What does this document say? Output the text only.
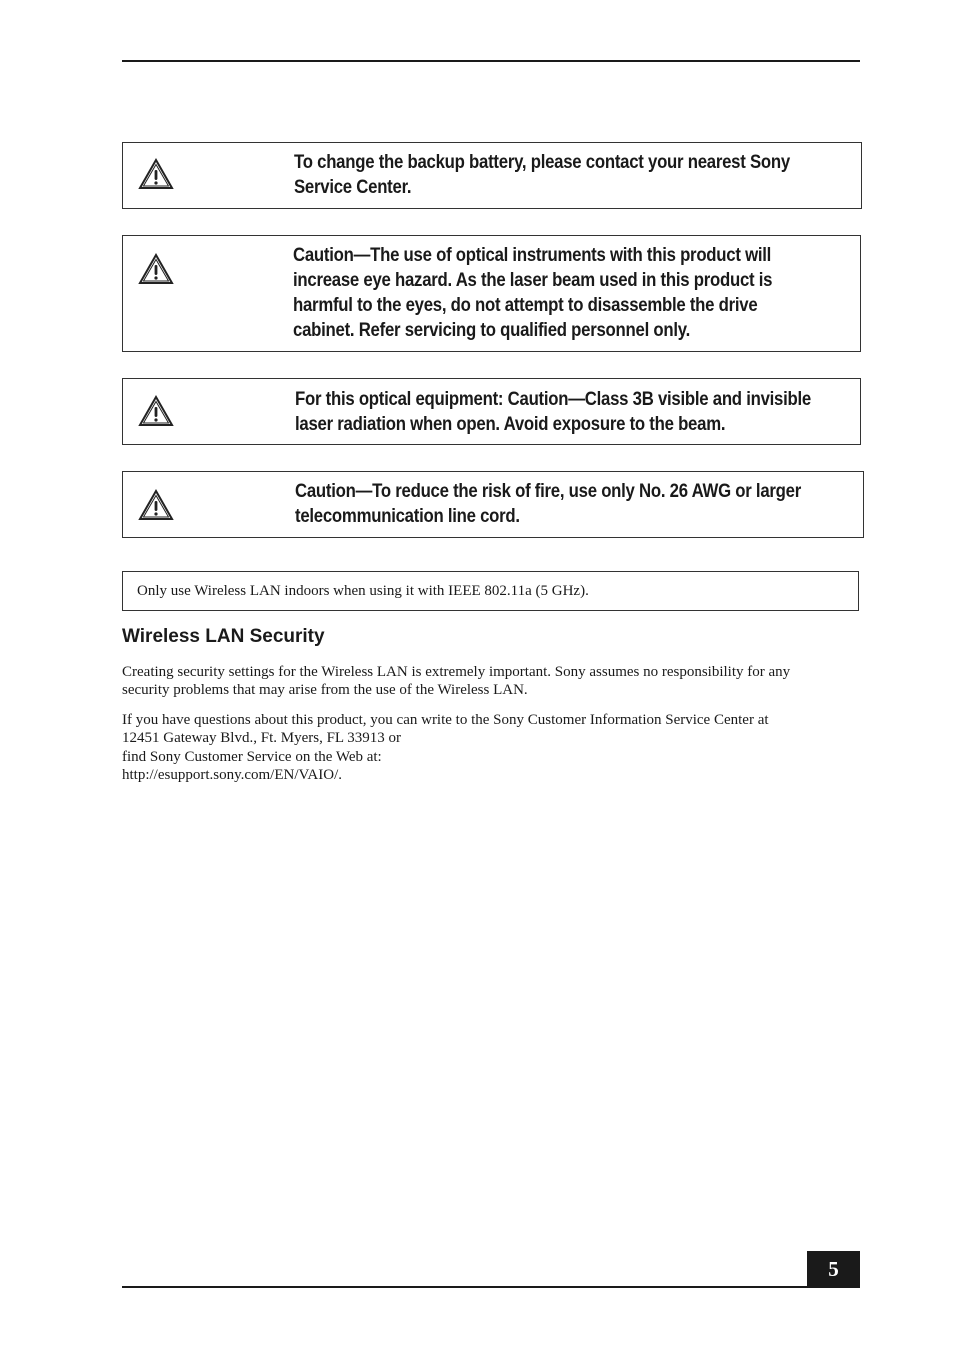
To change the backup battery, please contact your nearest Sony
Service Center.

Caution—The use of optical instruments with this product will
increase eye hazard. As the laser beam used in this product is
harmful to the eyes, do not attempt to disassemble the drive
cabinet. Refer servicing to qualified personnel only.

For this optical equipment: Caution—Class 3B visible and invisible
laser radiation when open. Avoid exposure to the beam.

Caution—To reduce the risk of fire, use only No. 26 AWG or larger
telecommunication line cord.

Only use Wireless LAN indoors when using it with IEEE 802.11a (5 GHz).

Wireless LAN Security

Creating security settings for the Wireless LAN is extremely important. Sony assumes no responsibility for any
security problems that may arise from the use of the Wireless LAN.

If you have questions about this product, you can write to the Sony Customer Information Service Center at
12451 Gateway Blvd., Ft. Myers, FL 33913 or
find Sony Customer Service on the Web at:
http://esupport.sony.com/EN/VAIO/.

5
